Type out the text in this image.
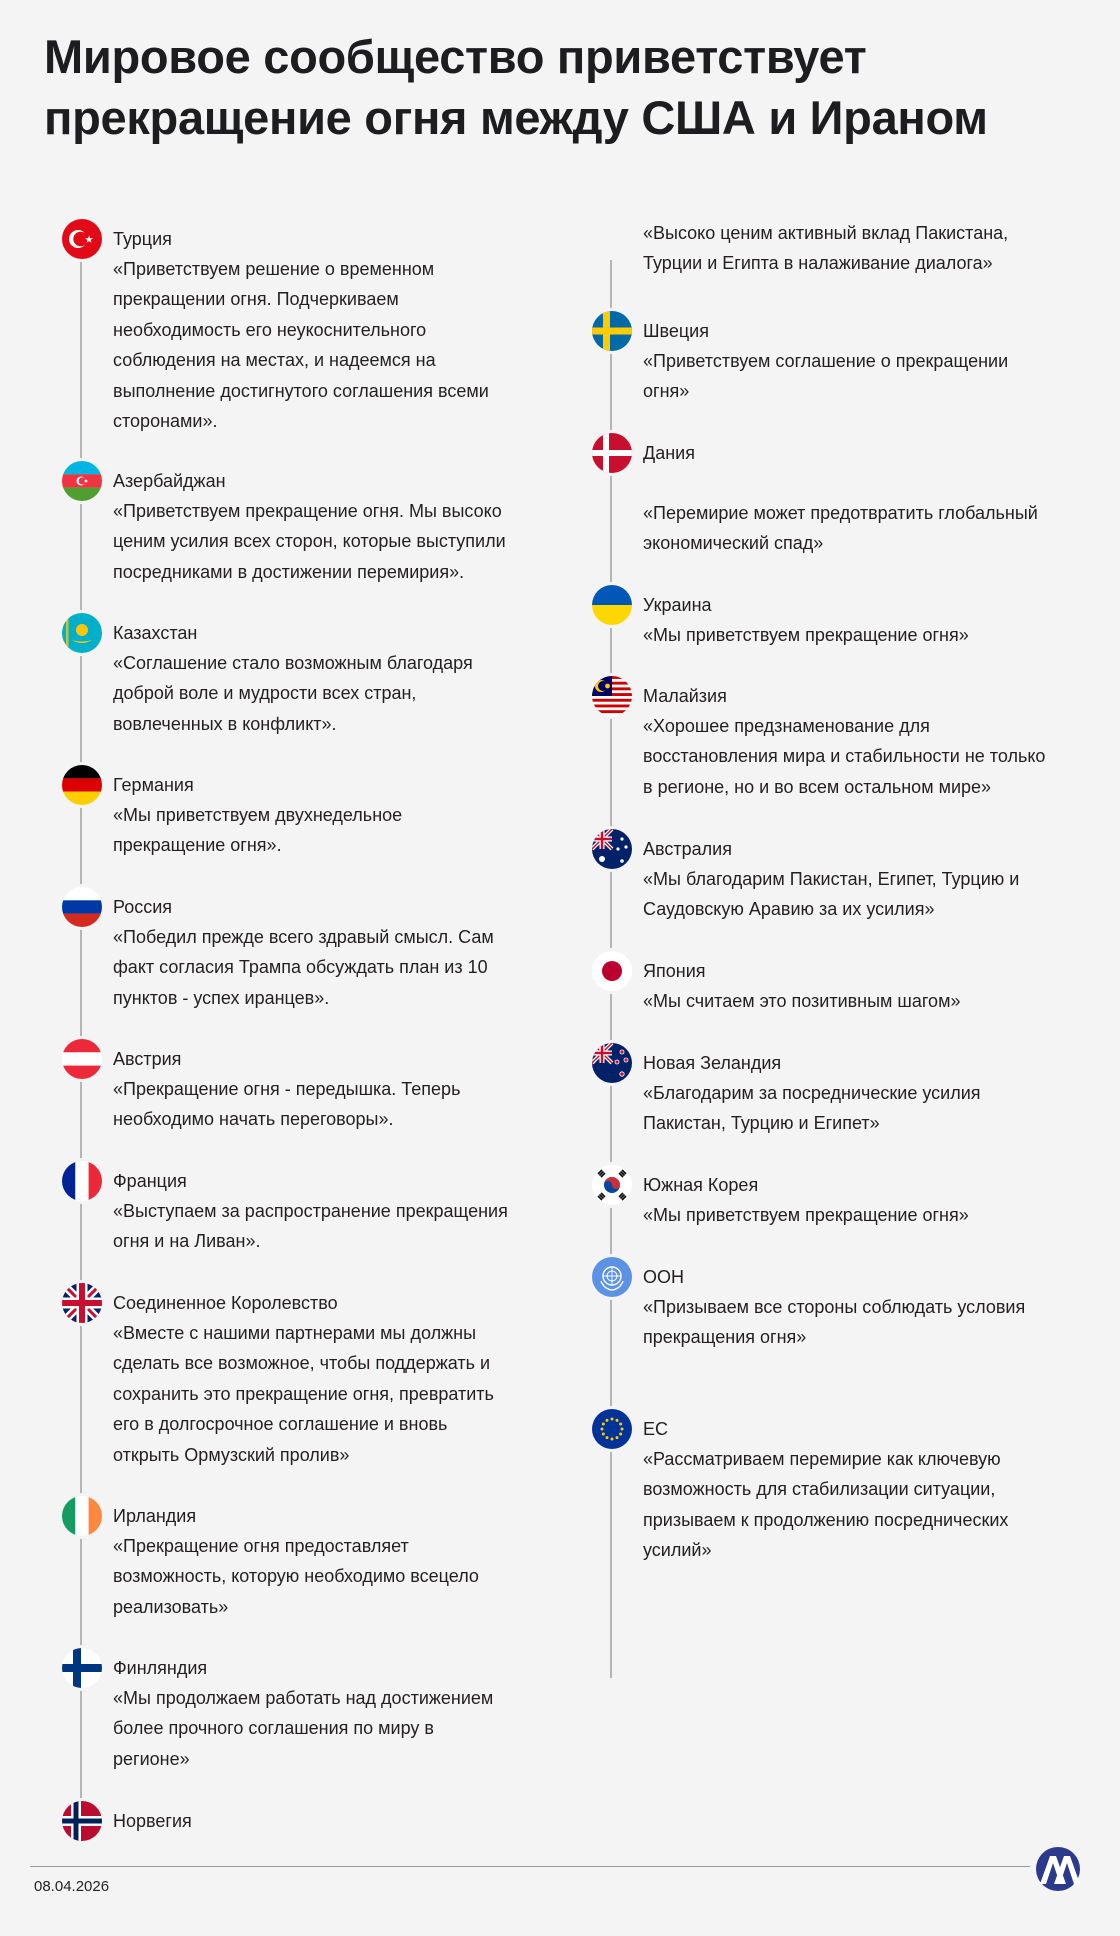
Мировое сообщество приветствует
прекращение огня между США и Ираном
Турция
«Приветствуем решение о временном
прекращении огня. Подчеркиваем
необходимость его неукоснительного
соблюдения на местах, и надеемся на
выполнение достигнутого соглашения всеми
сторонами».
Азербайджан
«Приветствуем прекращение огня. Мы высоко
ценим усилия всех сторон, которые выступили
посредниками в достижении перемирия».
Казахстан
«Соглашение стало возможным благодаря
доброй воле и мудрости всех стран,
вовлеченных в конфликт».
Германия
«Мы приветствуем двухнедельное
прекращение огня».
Россия
«Победил прежде всего здравый смысл. Сам
факт согласия Трампа обсуждать план из 10
пунктов - успех иранцев».
Австрия
«Прекращение огня - передышка. Теперь
необходимо начать переговоры».
Франция
«Выступаем за распространение прекращения
огня и на Ливан».
Соединенное Королевство
«Вместе с нашими партнерами мы должны
сделать все возможное, чтобы поддержать и
сохранить это прекращение огня, превратить
его в долгосрочное соглашение и вновь
открыть Ормузский пролив»
Ирландия
«Прекращение огня предоставляет
возможность, которую необходимо всецело
реализовать»
Финляндия
«Мы продолжаем работать над достижением
более прочного соглашения по миру в
регионе»
Норвегия
Швеция
«Приветствуем соглашение о прекращении
огня»
Дания
«Перемирие может предотвратить глобальный
экономический спад»
Украина
«Мы приветствуем прекращение огня»
Малайзия
«Хорошее предзнаменование для
восстановления мира и стабильности не только
в регионе, но и во всем остальном мире»
Австралия
«Мы благодарим Пакистан, Египет, Турцию и
Саудовскую Аравию за их усилия»
Япония
«Мы считаем это позитивным шагом»
Новая Зеландия
«Благодарим за посреднические усилия
Пакистан, Турцию и Египет»
Южная Корея
«Мы приветствуем прекращение огня»
ООН
«Призываем все стороны соблюдать условия
прекращения огня»
ЕС
«Рассматриваем перемирие как ключевую
возможность для стабилизации ситуации,
призываем к продолжению посреднических
усилий»
«Высоко ценим активный вклад Пакистана,
Турции и Египта в налаживание диалога»
08.04.2026
